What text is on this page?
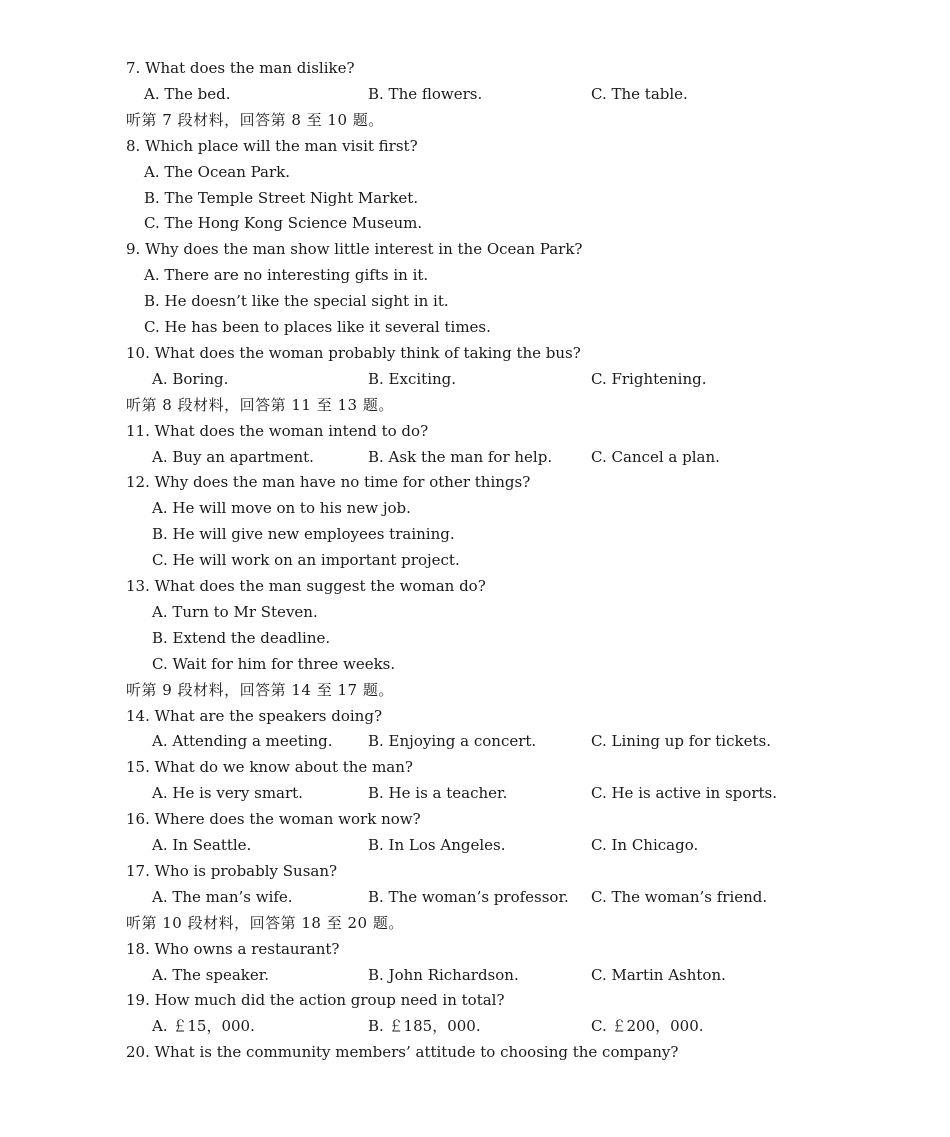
7. What does the man dislike?
A. The bed.	B. The flowers.	C. The table.
听第 7 段材料，回答第 8 至 10 题。
8. Which place will the man visit first?
A. The Ocean Park.
B. The Temple Street Night Market.
C. The Hong Kong Science Museum.
9. Why does the man show little interest in the Ocean Park?
A. There are no interesting gifts in it.
B. He doesn’t like the special sight in it.
C. He has been to places like it several times.
10. What does the woman probably think of taking the bus?
A. Boring.	B. Exciting.	C. Frightening.
听第 8 段材料，回答第 11 至 13 题。
11. What does the woman intend to do?
A. Buy an apartment.	B. Ask the man for help.	C. Cancel a plan.
12. Why does the man have no time for other things?
A. He will move on to his new job.
B. He will give new employees training.
C. He will work on an important project.
13. What does the man suggest the woman do?
A. Turn to Mr Steven.
B. Extend the deadline.
C. Wait for him for three weeks.
听第 9 段材料，回答第 14 至 17 题。
14. What are the speakers doing?
A. Attending a meeting. B. Enjoying a concert.	C. Lining up for tickets.
15. What do we know about the man?
A. He is very smart.	B. He is a teacher.	C. He is active in sports.
16. Where does the woman work now?
A. In Seattle.	B. In Los Angeles.	C. In Chicago.
17. Who is probably Susan?
A. The man’s wife.	B. The woman’s professor. C. The woman’s friend.
听第 10 段材料，回答第 18 至 20 题。
18. Who owns a restaurant?
A. The speaker.	B. John Richardson.	C. Martin Ashton.
19. How much did the action group need in total?
A. ￡15，000.	B. ￡185，000.	C. ￡200，000.
20. What is the community members’ attitude to choosing the company?
